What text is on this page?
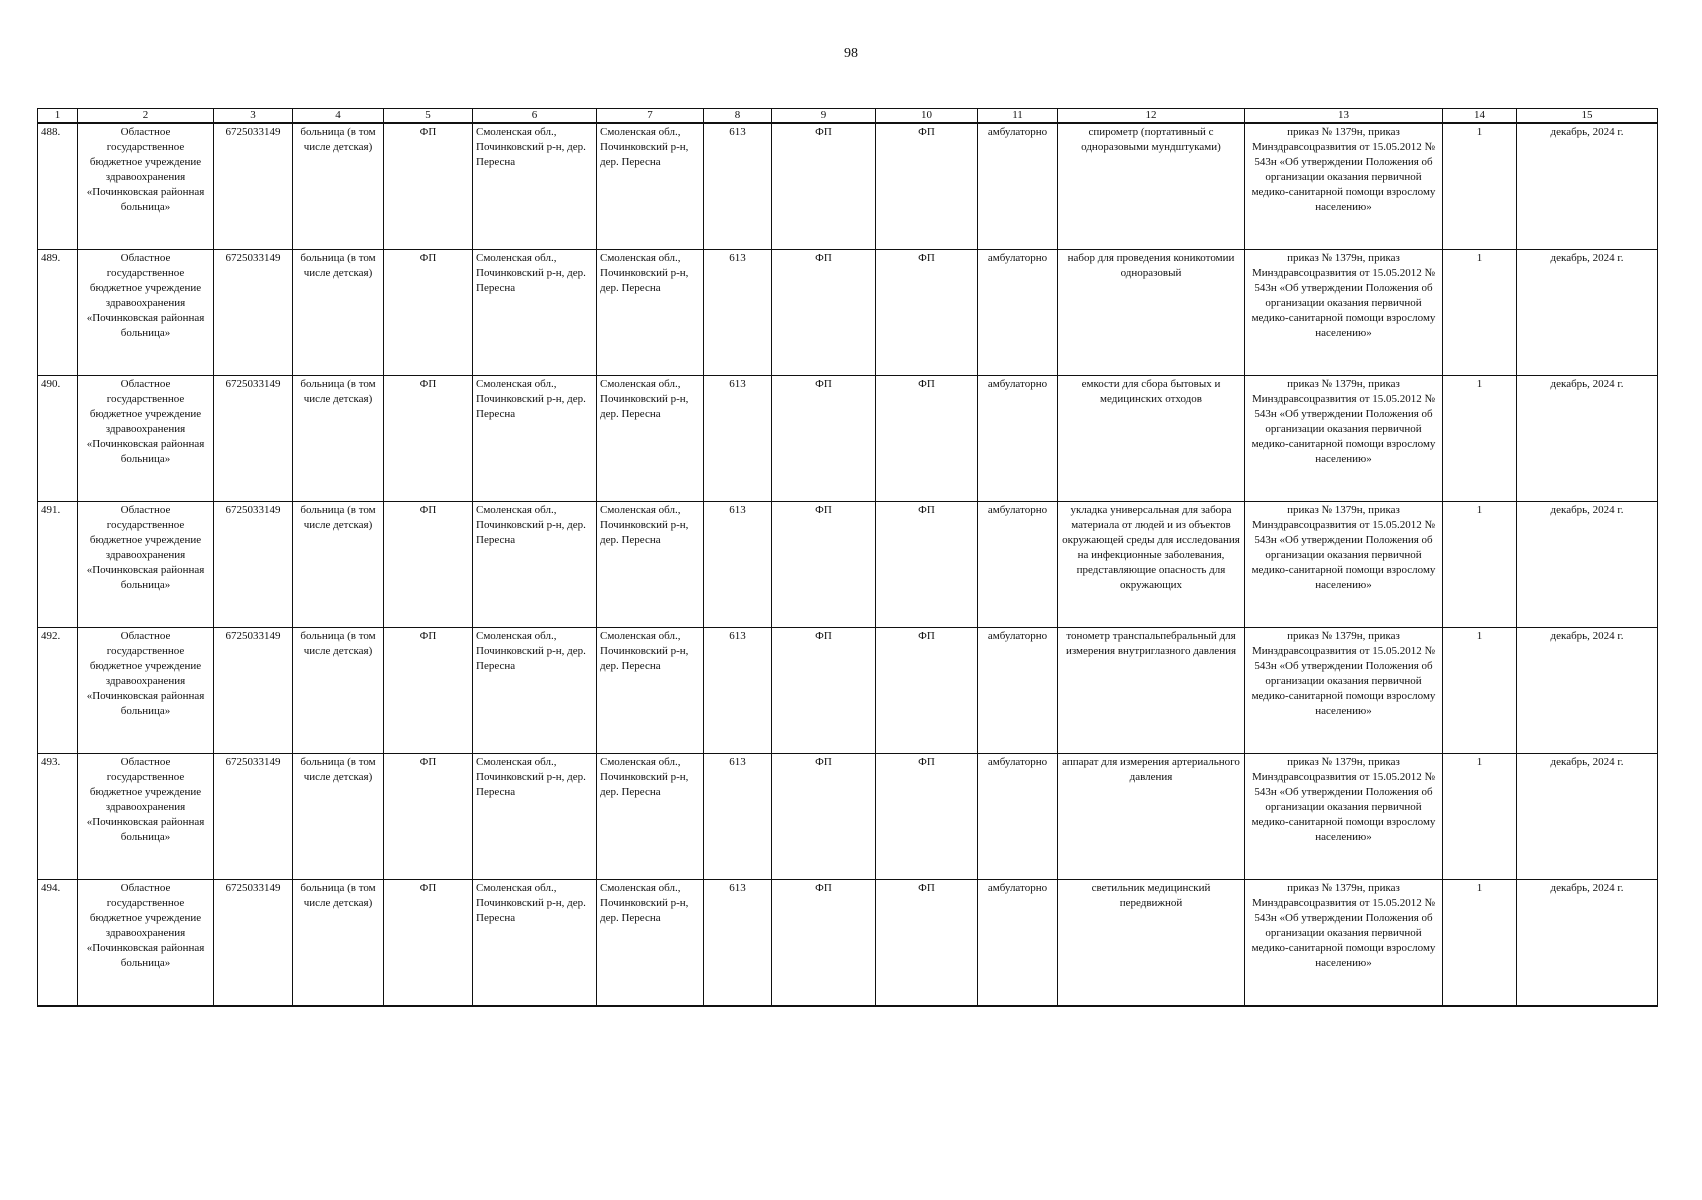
98
1	2	3	4	5	6	7	8	9	10	11	12	13	14	15
488.	Областное государственное бюджетное учреждение здравоохранения «Починковская районная больница»	6725033149	больница (в том числе детская)	ФП	Смоленская обл., Починковский р-н, дер. Пересна	Смоленская обл., Починковский р-н, дер. Пересна	613	ФП	ФП	амбулаторно	спирометр (портативный с одноразовыми мундштуками)	приказ № 1379н, приказ Минздравсоцразвития от 15.05.2012 № 543н «Об утверждении Положения об организации оказания первичной медико-санитарной помощи взрослому населению»	1	декабрь, 2024 г.
489.	Областное государственное бюджетное учреждение здравоохранения «Починковская районная больница»	6725033149	больница (в том числе детская)	ФП	Смоленская обл., Починковский р-н, дер. Пересна	Смоленская обл., Починковский р-н, дер. Пересна	613	ФП	ФП	амбулаторно	набор для проведения коникотомии одноразовый	приказ № 1379н, приказ Минздравсоцразвития от 15.05.2012 № 543н «Об утверждении Положения об организации оказания первичной медико-санитарной помощи взрослому населению»	1	декабрь, 2024 г.
490.	Областное государственное бюджетное учреждение здравоохранения «Починковская районная больница»	6725033149	больница (в том числе детская)	ФП	Смоленская обл., Починковский р-н, дер. Пересна	Смоленская обл., Починковский р-н, дер. Пересна	613	ФП	ФП	амбулаторно	емкости для сбора бытовых и медицинских отходов	приказ № 1379н, приказ Минздравсоцразвития от 15.05.2012 № 543н «Об утверждении Положения об организации оказания первичной медико-санитарной помощи взрослому населению»	1	декабрь, 2024 г.
491.	Областное государственное бюджетное учреждение здравоохранения «Починковская районная больница»	6725033149	больница (в том числе детская)	ФП	Смоленская обл., Починковский р-н, дер. Пересна	Смоленская обл., Починковский р-н, дер. Пересна	613	ФП	ФП	амбулаторно	укладка универсальная для забора материала от людей и из объектов окружающей среды для исследования на инфекционные заболевания, представляющие опасность для окружающих	приказ № 1379н, приказ Минздравсоцразвития от 15.05.2012 № 543н «Об утверждении Положения об организации оказания первичной медико-санитарной помощи взрослому населению»	1	декабрь, 2024 г.
492.	Областное государственное бюджетное учреждение здравоохранения «Починковская районная больница»	6725033149	больница (в том числе детская)	ФП	Смоленская обл., Починковский р-н, дер. Пересна	Смоленская обл., Починковский р-н, дер. Пересна	613	ФП	ФП	амбулаторно	тонометр транспальпебральный для измерения внутриглазного давления	приказ № 1379н, приказ Минздравсоцразвития от 15.05.2012 № 543н «Об утверждении Положения об организации оказания первичной медико-санитарной помощи взрослому населению»	1	декабрь, 2024 г.
493.	Областное государственное бюджетное учреждение здравоохранения «Починковская районная больница»	6725033149	больница (в том числе детская)	ФП	Смоленская обл., Починковский р-н, дер. Пересна	Смоленская обл., Починковский р-н, дер. Пересна	613	ФП	ФП	амбулаторно	аппарат для измерения артериального давления	приказ № 1379н, приказ Минздравсоцразвития от 15.05.2012 № 543н «Об утверждении Положения об организации оказания первичной медико-санитарной помощи взрослому населению»	1	декабрь, 2024 г.
494.	Областное государственное бюджетное учреждение здравоохранения «Починковская районная больница»	6725033149	больница (в том числе детская)	ФП	Смоленская обл., Починковский р-н, дер. Пересна	Смоленская обл., Починковский р-н, дер. Пересна	613	ФП	ФП	амбулаторно	светильник медицинский передвижной	приказ № 1379н, приказ Минздравсоцразвития от 15.05.2012 № 543н «Об утверждении Положения об организации оказания первичной медико-санитарной помощи взрослому населению»	1	декабрь, 2024 г.
